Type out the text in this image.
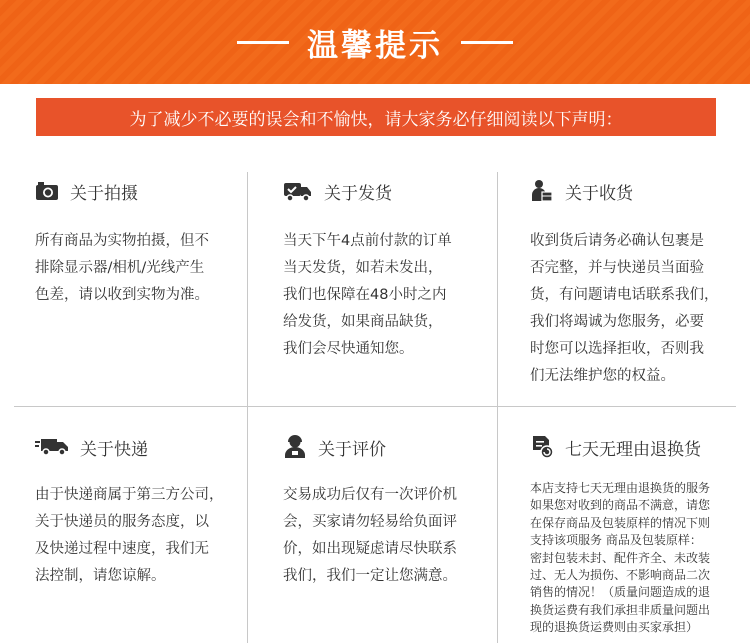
温馨提示
为了减少不必要的误会和不愉快，请大家务必仔细阅读以下声明：
关于拍摄
所有商品为实物拍摄，但不
排除显示器/相机/光线产生
色差，请以收到实物为准。
关于发货
当天下午4点前付款的订单
当天发货，如若未发出，
我们也保障在48小时之内
给发货，如果商品缺货，
我们会尽快通知您。
关于收货
收到货后请务必确认包裹是
否完整，并与快递员当面验
货，有问题请电话联系我们，
我们将竭诚为您服务，必要
时您可以选择拒收，否则我
们无法维护您的权益。
关于快递
由于快递商属于第三方公司，
关于快递员的服务态度，以
及快递过程中速度，我们无
法控制，请您谅解。
关于评价
交易成功后仅有一次评价机
会，买家请勿轻易给负面评
价，如出现疑虑请尽快联系
我们，我们一定让您满意。
七天无理由退换货
本店支持七天无理由退换货的服务
如果您对收到的商品不满意，请您
在保存商品及包装原样的情况下则
支持该项服务 商品及包装原样：
密封包装未封、配件齐全、未改装
过、无人为损伤、不影响商品二次
销售的情况！（质量问题造成的退
换货运费有我们承担非质量问题出
现的退换货运费则由买家承担）
